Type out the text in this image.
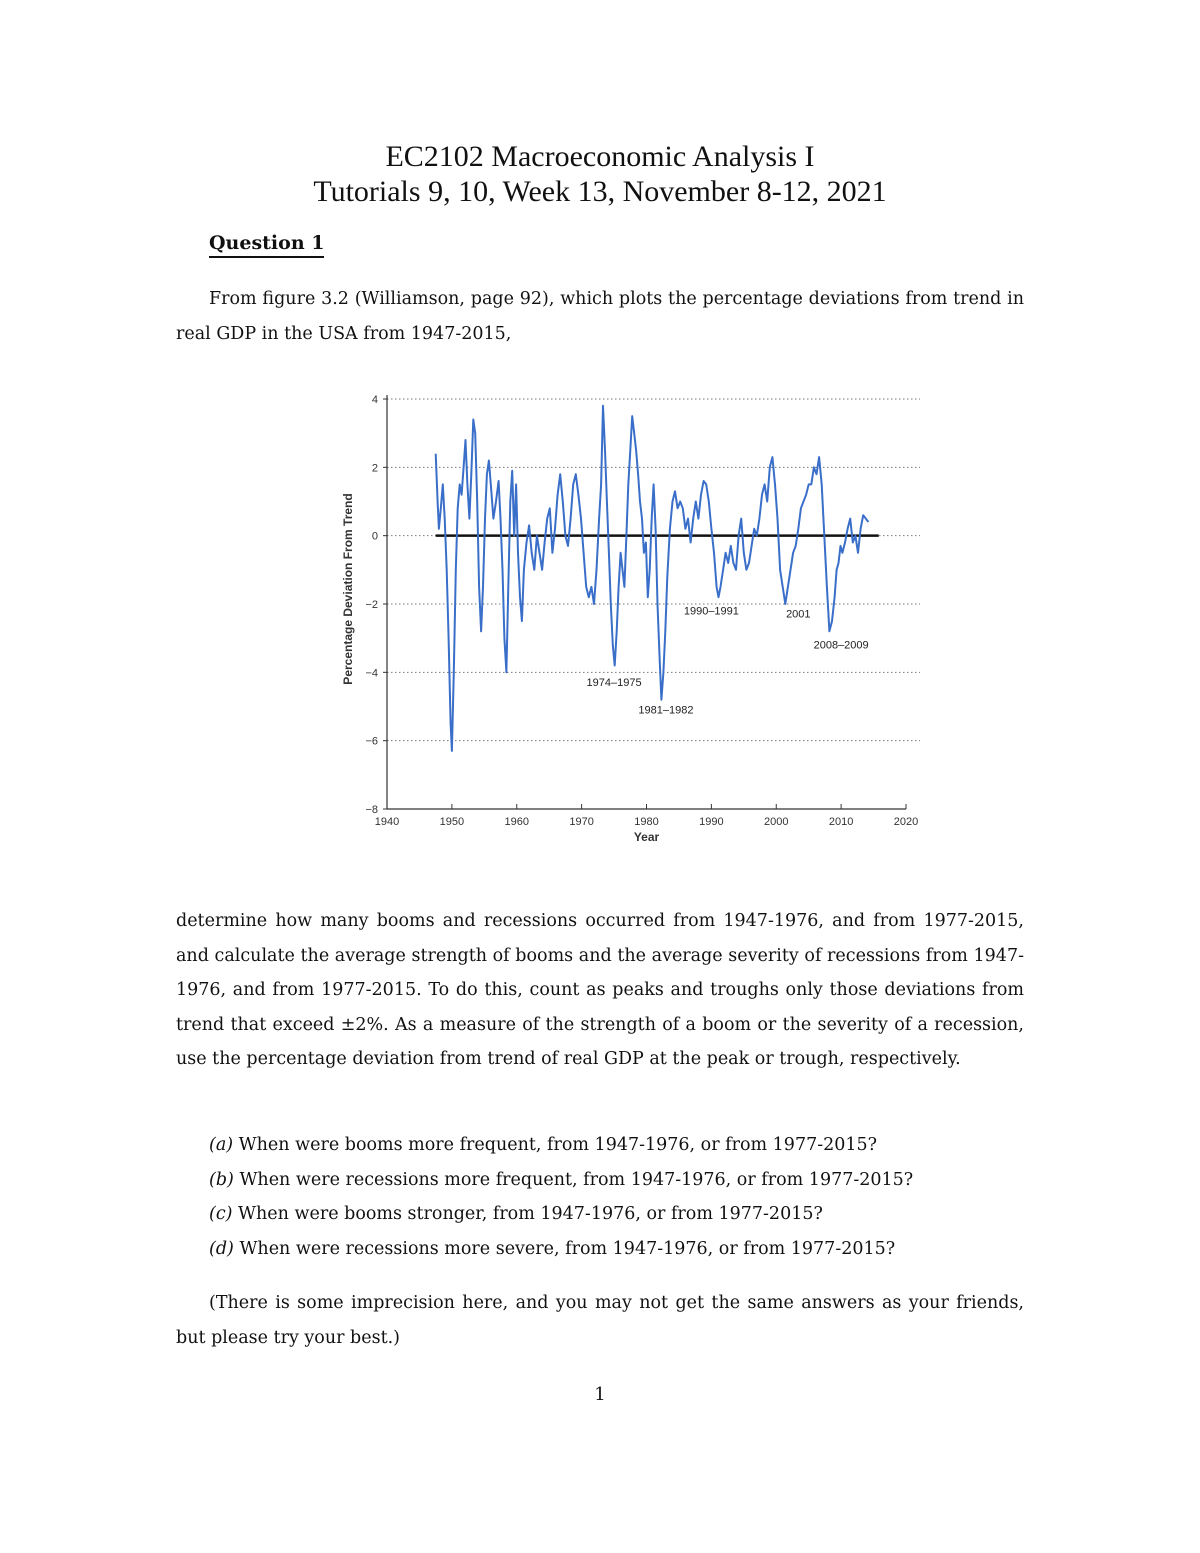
EC2102 Macroeconomic Analysis I
Tutorials 9, 10, Week 13, November 8-12, 2021
Question 1
From figure 3.2 (Williamson, page 92), which plots the percentage deviations from trend in real GDP in the USA from 1947-2015,
4
2
0
−2
−4
−6
−8
1940	1950	1960	1970	1980	1990	2000	2010	2020
1974–1975
1981–1982
1990–1991	2001
2008–2009
Year
Percentage Deviation From Trend
determine how many booms and recessions occurred from 1947-1976, and from 1977-2015, and calculate the average strength of booms and the average severity of recessions from 1947-1976, and from 1977-2015. To do this, count as peaks and troughs only those deviations from trend that exceed ±2%. As a measure of the strength of a boom or the severity of a recession, use the percentage deviation from trend of real GDP at the peak or trough, respectively.
(a) When were booms more frequent, from 1947-1976, or from 1977-2015?
(b) When were recessions more frequent, from 1947-1976, or from 1977-2015?
(c) When were booms stronger, from 1947-1976, or from 1977-2015?
(d) When were recessions more severe, from 1947-1976, or from 1977-2015?
(There is some imprecision here, and you may not get the same answers as your friends, but please try your best.)
1
